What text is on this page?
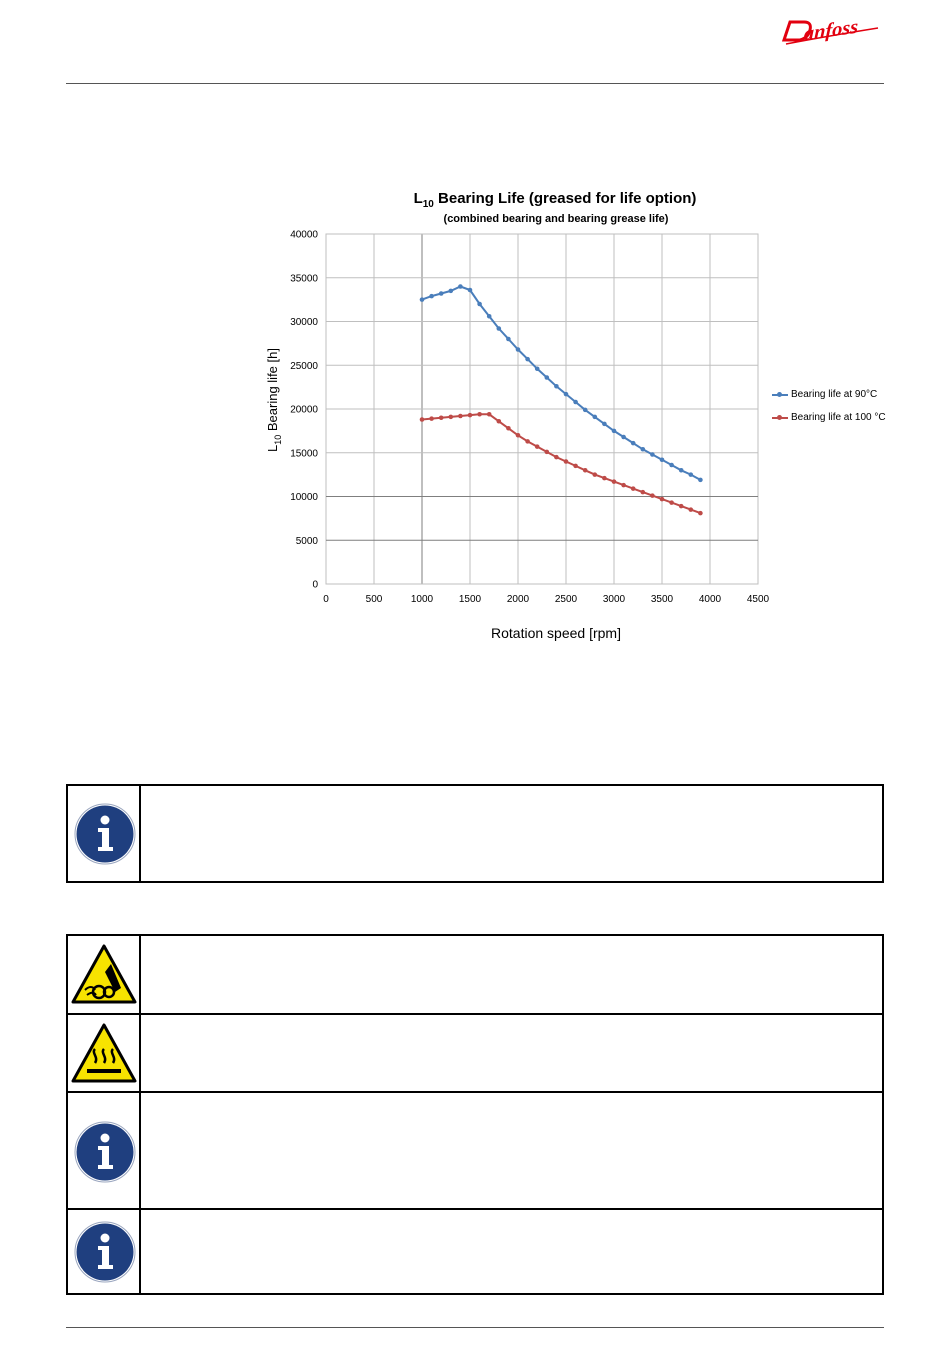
anfoss
$L_{10}$ Bearing Life (greased for life option)
(combined bearing and bearing grease life)
0	500	1000	1500	2000	2500	3000	3500	4000	4500
0
5000
10000
15000
20000
25000
30000
35000
40000
Rotation speed [rpm]
$L_{10}$ Bearing life [h]	Bearing life at 90°C
Bearing life at 100 °C
